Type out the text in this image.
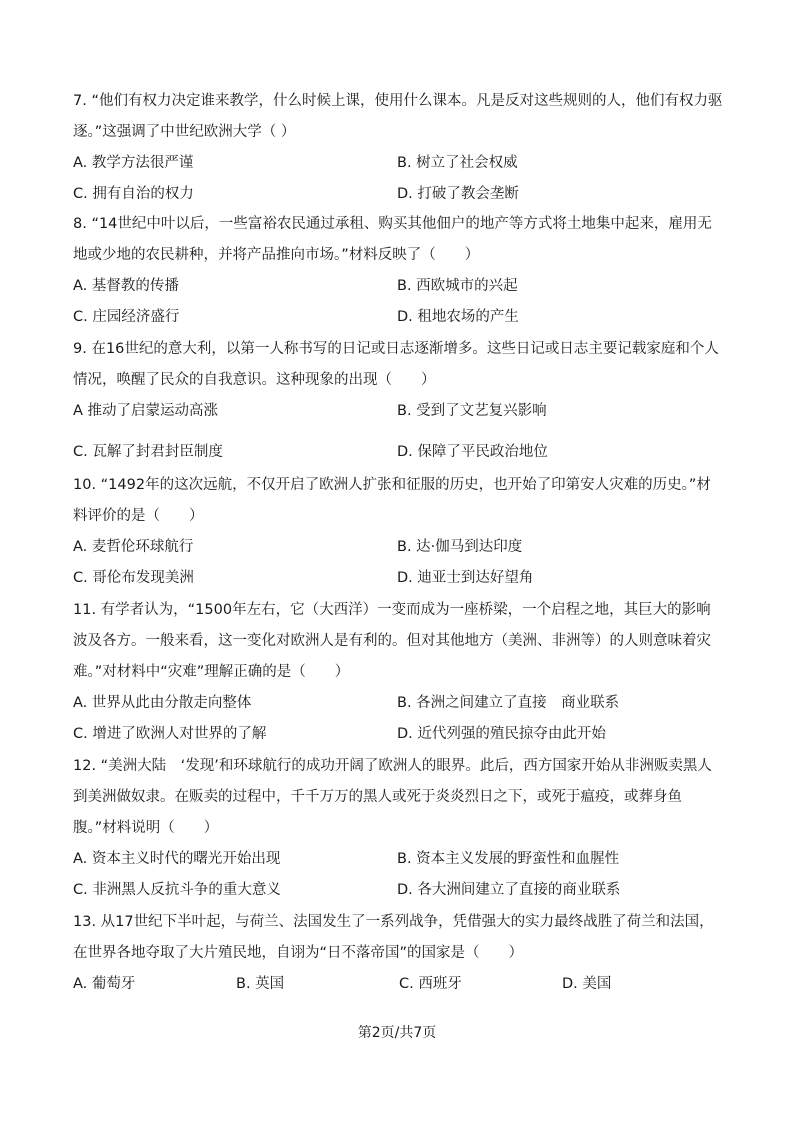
7. “他们有权力决定谁来教学，什么时候上课，使用什么课本。凡是反对这些规则的人，他们有权力驱逐。”这强调了中世纪欧洲大学（ ）

A. 教学方法很严谨	B. 树立了社会权威
C. 拥有自治的权力	D. 打破了教会垄断

8. “14世纪中叶以后，一些富裕农民通过承租、购买其他佃户的地产等方式将土地集中起来，雇用无地或少地的农民耕种，并将产品推向市场。”材料反映了（　　）

A. 基督教的传播	B. 西欧城市的兴起
C. 庄园经济盛行	D. 租地农场的产生

9. 在16世纪的意大利，以第一人称书写的日记或日志逐渐增多。这些日记或日志主要记载家庭和个人情况，唤醒了民众的自我意识。这种现象的出现（　　）

A 推动了启蒙运动高涨	B. 受到了文艺复兴影响
C. 瓦解了封君封臣制度	D. 保障了平民政治地位

10. “1492年的这次远航，不仅开启了欧洲人扩张和征服的历史，也开始了印第安人灾难的历史。”材料评价的是（　　）

A. 麦哲伦环球航行	B. 达·伽马到达印度
C. 哥伦布发现美洲	D. 迪亚士到达好望角

11. 有学者认为，“1500年左右，它（大西洋）一变而成为一座桥梁，一个启程之地，其巨大的影响波及各方。一般来看，这一变化对欧洲人是有利的。但对其他地方（美洲、非洲等）的人则意味着灾难。”对材料中“灾难”理解正确的是（　　）

A. 世界从此由分散走向整体	B. 各洲之间建立了直接　商业联系
C. 增进了欧洲人对世界的了解	D. 近代列强的殖民掠夺由此开始

12. “美洲大陆　‘发现’和环球航行的成功开阔了欧洲人的眼界。此后，西方国家开始从非洲贩卖黑人到美洲做奴隶。在贩卖的过程中，千千万万的黑人或死于炎炎烈日之下，或死于瘟疫，或葬身鱼腹。”材料说明（　　）

A. 资本主义时代的曙光开始出现	B. 资本主义发展的野蛮性和血腥性
C. 非洲黑人反抗斗争的重大意义	D. 各大洲间建立了直接的商业联系

13. 从17世纪下半叶起，与荷兰、法国发生了一系列战争，凭借强大的实力最终战胜了荷兰和法国，在世界各地夺取了大片殖民地，自诩为“日不落帝国”的国家是（　　）

A. 葡萄牙	B. 英国	C. 西班牙	D. 美国
第2页/共7页
